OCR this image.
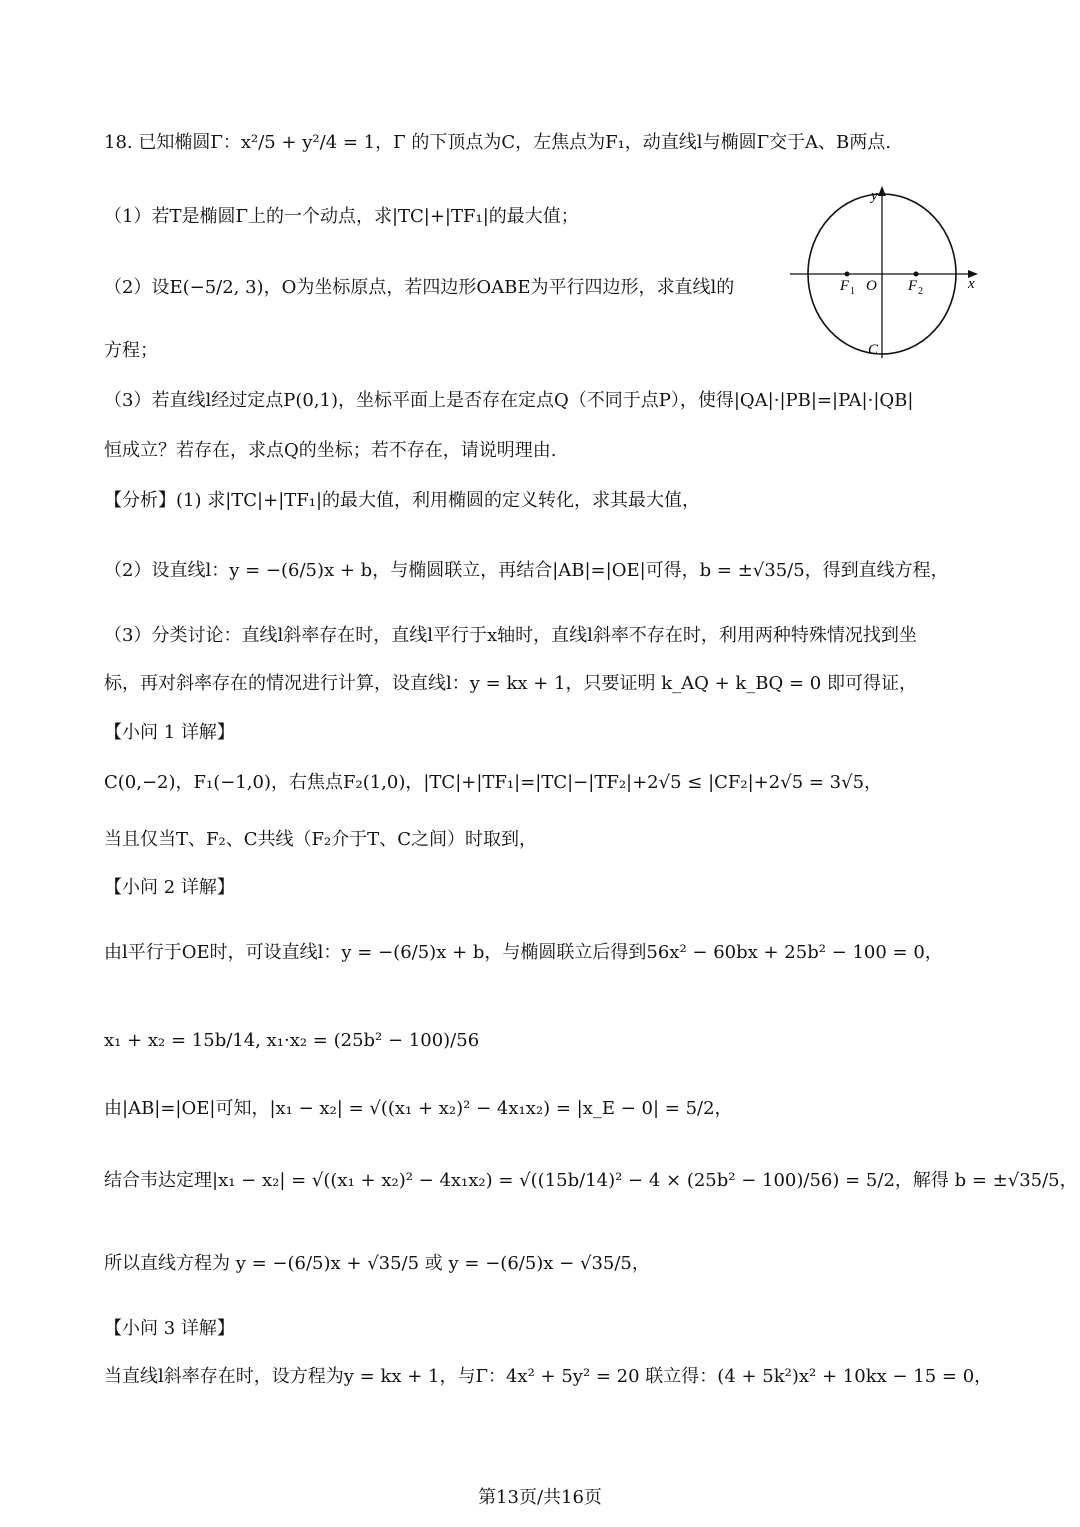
18. 已知椭圆Γ：x²/5 + y²/4 = 1，Γ 的下顶点为C，左焦点为F₁，动直线l与椭圆Γ交于A、B两点.
（1）若T是椭圆Γ上的一个动点，求|TC|+|TF₁|的最大值；
（2）设E(−5/2, 3)，O为坐标原点，若四边形OABE为平行四边形，求直线l的
方程；
（3）若直线l经过定点P(0,1)，坐标平面上是否存在定点Q（不同于点P），使得|QA|·|PB|=|PA|·|QB|
恒成立？若存在，求点Q的坐标；若不存在，请说明理由.
y
x
F 1 O F 2
C
【分析】(1) 求|TC|+|TF₁|的最大值，利用椭圆的定义转化，求其最大值，
（2）设直线l：y = −(6/5)x + b，与椭圆联立，再结合|AB|=|OE|可得，b = ±√35/5，得到直线方程，
（3）分类讨论：直线l斜率存在时，直线l平行于x轴时，直线l斜率不存在时，利用两种特殊情况找到坐
标，再对斜率存在的情况进行计算，设直线l：y = kx + 1，只要证明 k_AQ + k_BQ = 0 即可得证，
【小问 1 详解】
C(0,−2)，F₁(−1,0)，右焦点F₂(1,0)，|TC|+|TF₁|=|TC|−|TF₂|+2√5 ≤ |CF₂|+2√5 = 3√5，
当且仅当T、F₂、C共线（F₂介于T、C之间）时取到，
【小问 2 详解】
由l平行于OE时，可设直线l：y = −(6/5)x + b，与椭圆联立后得到56x² − 60bx + 25b² − 100 = 0，
x₁ + x₂ = 15b/14, x₁·x₂ = (25b² − 100)/56
由|AB|=|OE|可知，|x₁ − x₂| = √((x₁ + x₂)² − 4x₁x₂) = |x_E − 0| = 5/2，
结合韦达定理|x₁ − x₂| = √((x₁ + x₂)² − 4x₁x₂) = √((15b/14)² − 4 × (25b² − 100)/56) = 5/2，解得 b = ±√35/5，
所以直线方程为 y = −(6/5)x + √35/5 或 y = −(6/5)x − √35/5，
【小问 3 详解】
当直线l斜率存在时，设方程为y = kx + 1，与Γ：4x² + 5y² = 20 联立得：(4 + 5k²)x² + 10kx − 15 = 0，
第13页/共16页
